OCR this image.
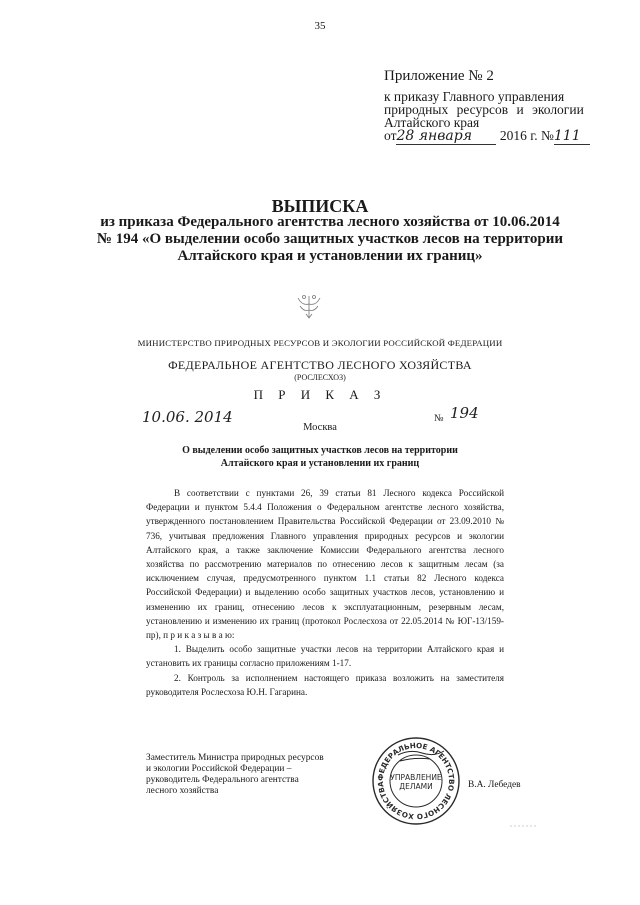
35
Приложение № 2
к приказу Главного управления
природных ресурсов и экологии
Алтайского края
от28 января 2016 г. №111
ВЫПИСКА
из приказа Федерального агентства лесного хозяйства от 10.06.2014
№ 194 «О выделении особо защитных участков лесов на территории
Алтайского края и установлении их границ»
МИНИСТЕРСТВО ПРИРОДНЫХ РЕСУРСОВ И ЭКОЛОГИИ РОССИЙСКОЙ ФЕДЕРАЦИИ
ФЕДЕРАЛЬНОЕ АГЕНТСТВО ЛЕСНОГО ХОЗЯЙСТВА
(РОСЛЕСХОЗ)
П Р И К А З
10.06. 2014
Москва
№ 194
О выделении особо защитных участков лесов на территории
Алтайского края и установлении их границ

В соответствии с пунктами 26, 39 статьи 81 Лесного кодекса Российской Федерации и пунктом 5.4.4 Положения о Федеральном агентстве лесного хозяйства, утвержденного постановлением Правительства Российской Федерации от 23.09.2010 № 736, учитывая предложения Главного управления природных ресурсов и экологии Алтайского края, а также заключение Комиссии Федерального агентства лесного хозяйства по рассмотрению материалов по отнесению лесов к защитным лесам (за исключением случая, предусмотренного пунктом 1.1 статьи 82 Лесного кодекса Российской Федерации) и выделению особо защитных участков лесов, установлению и изменению их границ, отнесению лесов к эксплуатационным, резервным лесам, установлению и изменению их границ (протокол Рослесхоза от 22.05.2014 № ЮГ-13/159-пр), п р и к а з ы в а ю:

1. Выделить особо защитные участки лесов на территории Алтайского края и установить их границы согласно приложениям 1-17.

2. Контроль за исполнением настоящего приказа возложить на заместителя руководителя Рослесхоза Ю.Н. Гагарина.

Заместитель Министра природных ресурсов
и экологии Российской Федерации –
руководитель Федерального агентства
лесного хозяйства
В.А. Лебедев
ФЕДЕРАЛЬНОЕ АГЕНТСТВО ЛЕСНОГО ХОЗЯЙСТВА
УПРАВЛЕНИЕ
ДЕЛАМИ
